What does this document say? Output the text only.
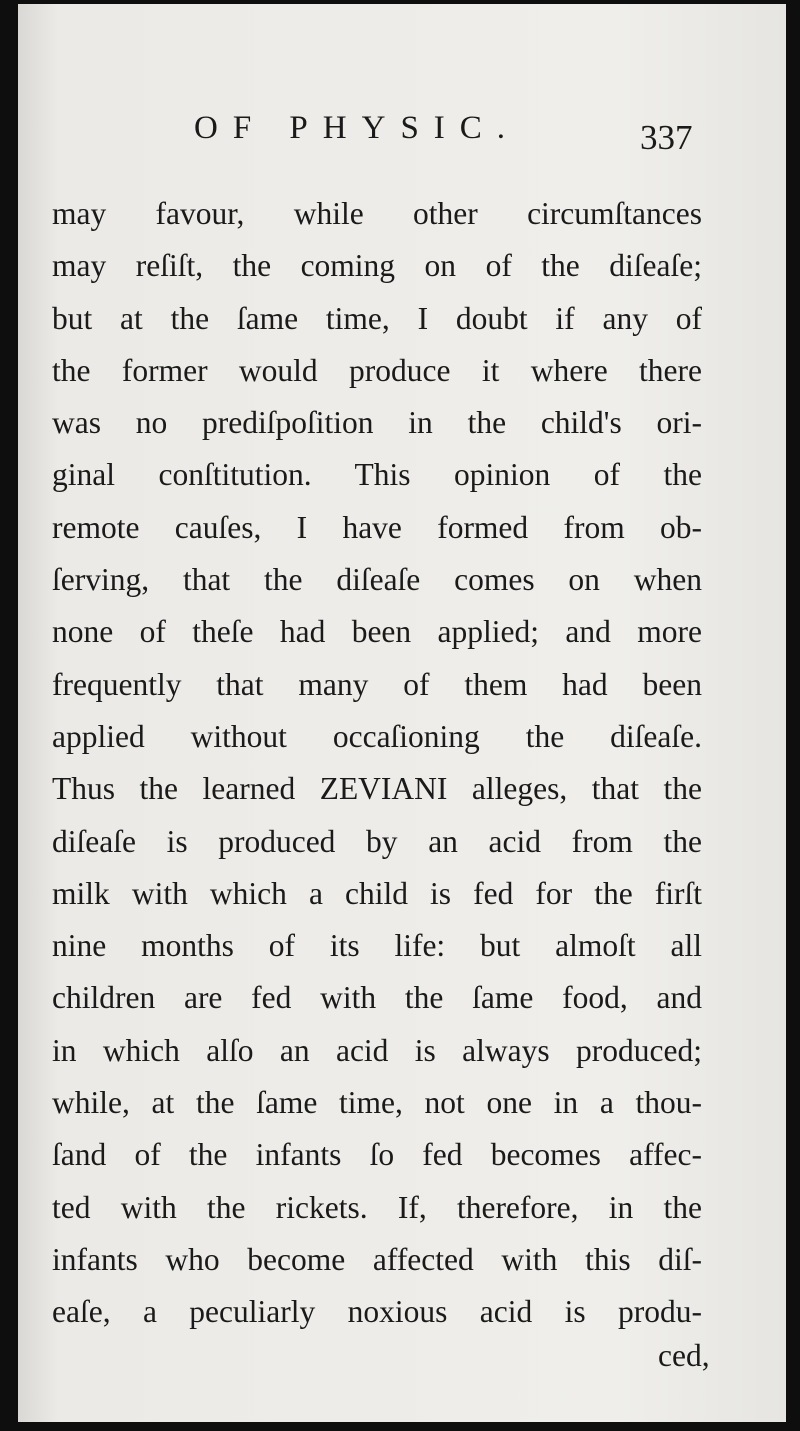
OF PHYSIC.	337
may favour, while other circumſtances
may reſiſt, the coming on of the diſeaſe;
but at the ſame time, I doubt if any of
the former would produce it where there
was no prediſpoſition in the child's ori-
ginal conſtitution. This opinion of the
remote cauſes, I have formed from ob-
ſerving, that the diſeaſe comes on when
none of theſe had been applied; and more
frequently that many of them had been
applied without occaſioning the diſeaſe.
Thus the learned ZEVIANI alleges, that the
diſeaſe is produced by an acid from the
milk with which a child is fed for the firſt
nine months of its life: but almoſt all
children are fed with the ſame food, and
in which alſo an acid is always produced;
while, at the ſame time, not one in a thou-
ſand of the infants ſo fed becomes affec-
ted with the rickets. If, therefore, in the
infants who become affected with this diſ-
eaſe, a peculiarly noxious acid is produ-
ced,
